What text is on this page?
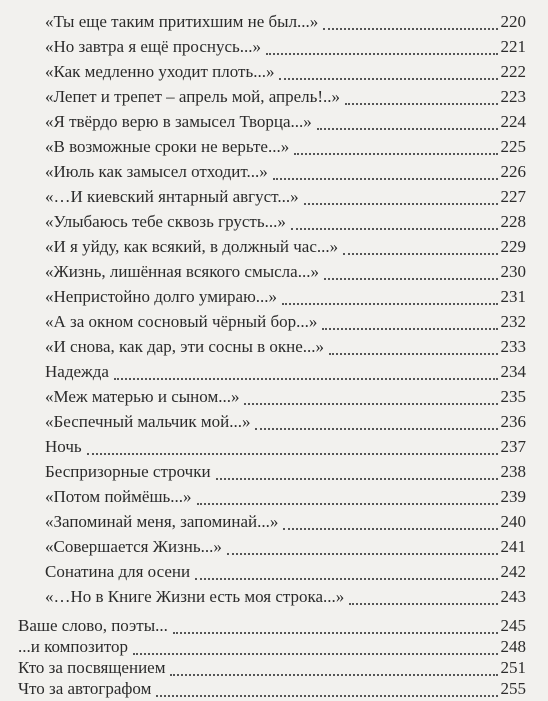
«Ты еще таким притихшим не был...»	220
«Но завтра я ещё проснусь...»	221
«Как медленно уходит плоть...»	222
«Лепет и трепет – апрель мой, апрель!..»	223
«Я твёрдо верю в замысел Творца...»	224
«В возможные сроки не верьте...»	225
«Июль как замысел отходит...»	226
«…И киевский янтарный август...»	227
«Улыбаюсь тебе сквозь грусть...»	228
«И я уйду, как всякий, в должный час...»	229
«Жизнь, лишённая всякого смысла...»	230
«Непристойно долго умираю...»	231
«А за окном сосновый чёрный бор...»	232
«И снова, как дар, эти сосны в окне...»	233
Надежда	234
«Меж матерью и сыном...»	235
«Беспечный мальчик мой...»	236
Ночь	237
Беспризорные строчки	238
«Потом поймёшь...»	239
«Запоминай меня, запоминай...»	240
«Совершается Жизнь...»	241
Сонатина для осени	242
«…Но в Книге Жизни есть моя строка...»	243
Ваше слово, поэты...	245
...и композитор	248
Кто за посвящением	251
Что за автографом	255
